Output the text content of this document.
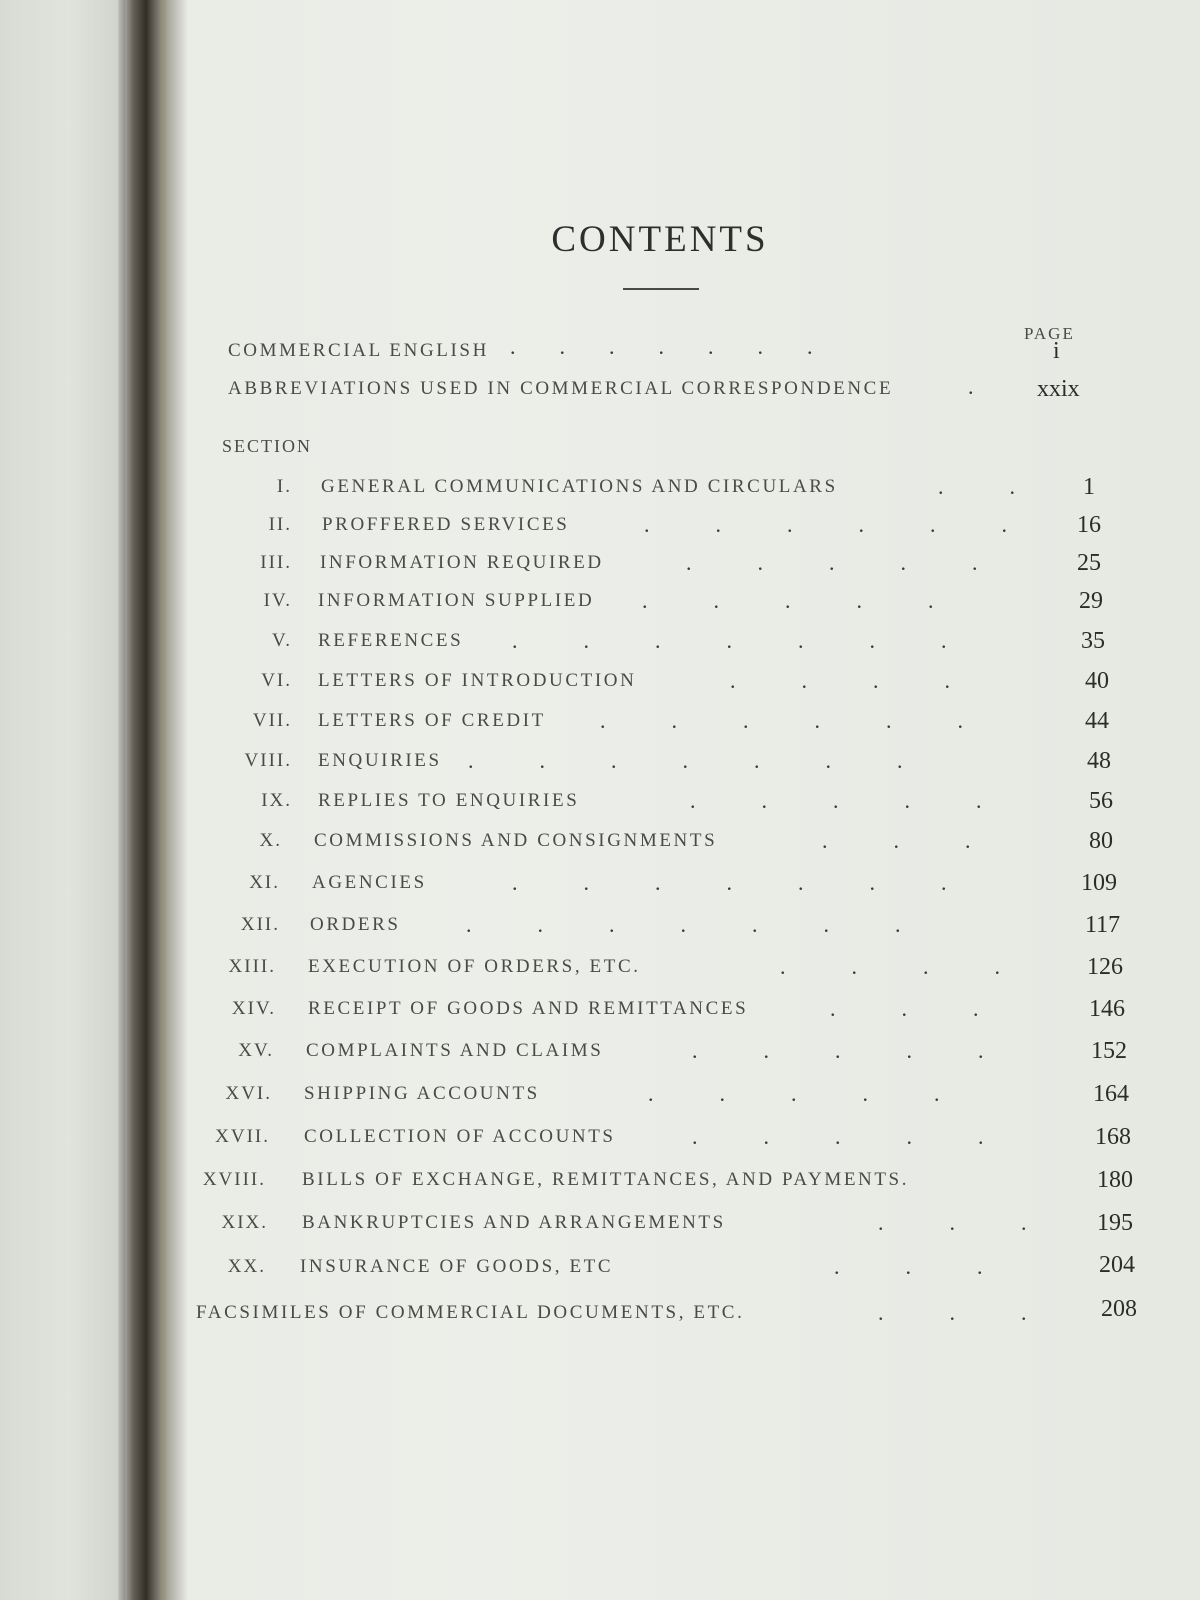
CONTENTS
PAGE
COMMERCIAL ENGLISH .  .  .  .  .  .  .	i
ABBREVIATIONS USED IN COMMERCIAL CORRESPONDENCE	.	xxix
SECTION
I. GENERAL COMMUNICATIONS AND CIRCULARS	.   .	1
II. PROFFERED SERVICES	.   .   .   .   .   .	16
III. INFORMATION REQUIRED	.   .   .   .   .	25
IV. INFORMATION SUPPLIED .   .   .   .   .	29
V. REFERENCES .   .   .   .   .   .   .	35
VI. LETTERS OF INTRODUCTION	.   .   .   .	40
VII. LETTERS OF CREDIT .   .   .   .   .   .	44
VIII. ENQUIRIES .   .   .   .   .   .   .	48
IX. REPLIES TO ENQUIRIES	.   .   .   .   .	56
X. COMMISSIONS AND CONSIGNMENTS	.   .   .	80
XI. AGENCIES	.   .   .   .   .   .   .	109
XII. ORDERS	.   .   .   .   .   .   .	117
XIII. EXECUTION OF ORDERS, ETC.	.   .   .   .	126
XIV. RECEIPT OF GOODS AND REMITTANCES	.   .   .	146
XV. COMPLAINTS AND CLAIMS	.   .   .   .   .	152
XVI. SHIPPING ACCOUNTS	.   .   .   .   .	164
XVII. COLLECTION OF ACCOUNTS	.   .   .   .   .	168
XVIII. BILLS OF EXCHANGE, REMITTANCES, AND PAYMENTS.	180
XIX. BANKRUPTCIES AND ARRANGEMENTS	.   .   .	195
XX. INSURANCE OF GOODS, ETC	.   .   .	204
FACSIMILES OF COMMERCIAL DOCUMENTS, ETC.	.   .   .	208
